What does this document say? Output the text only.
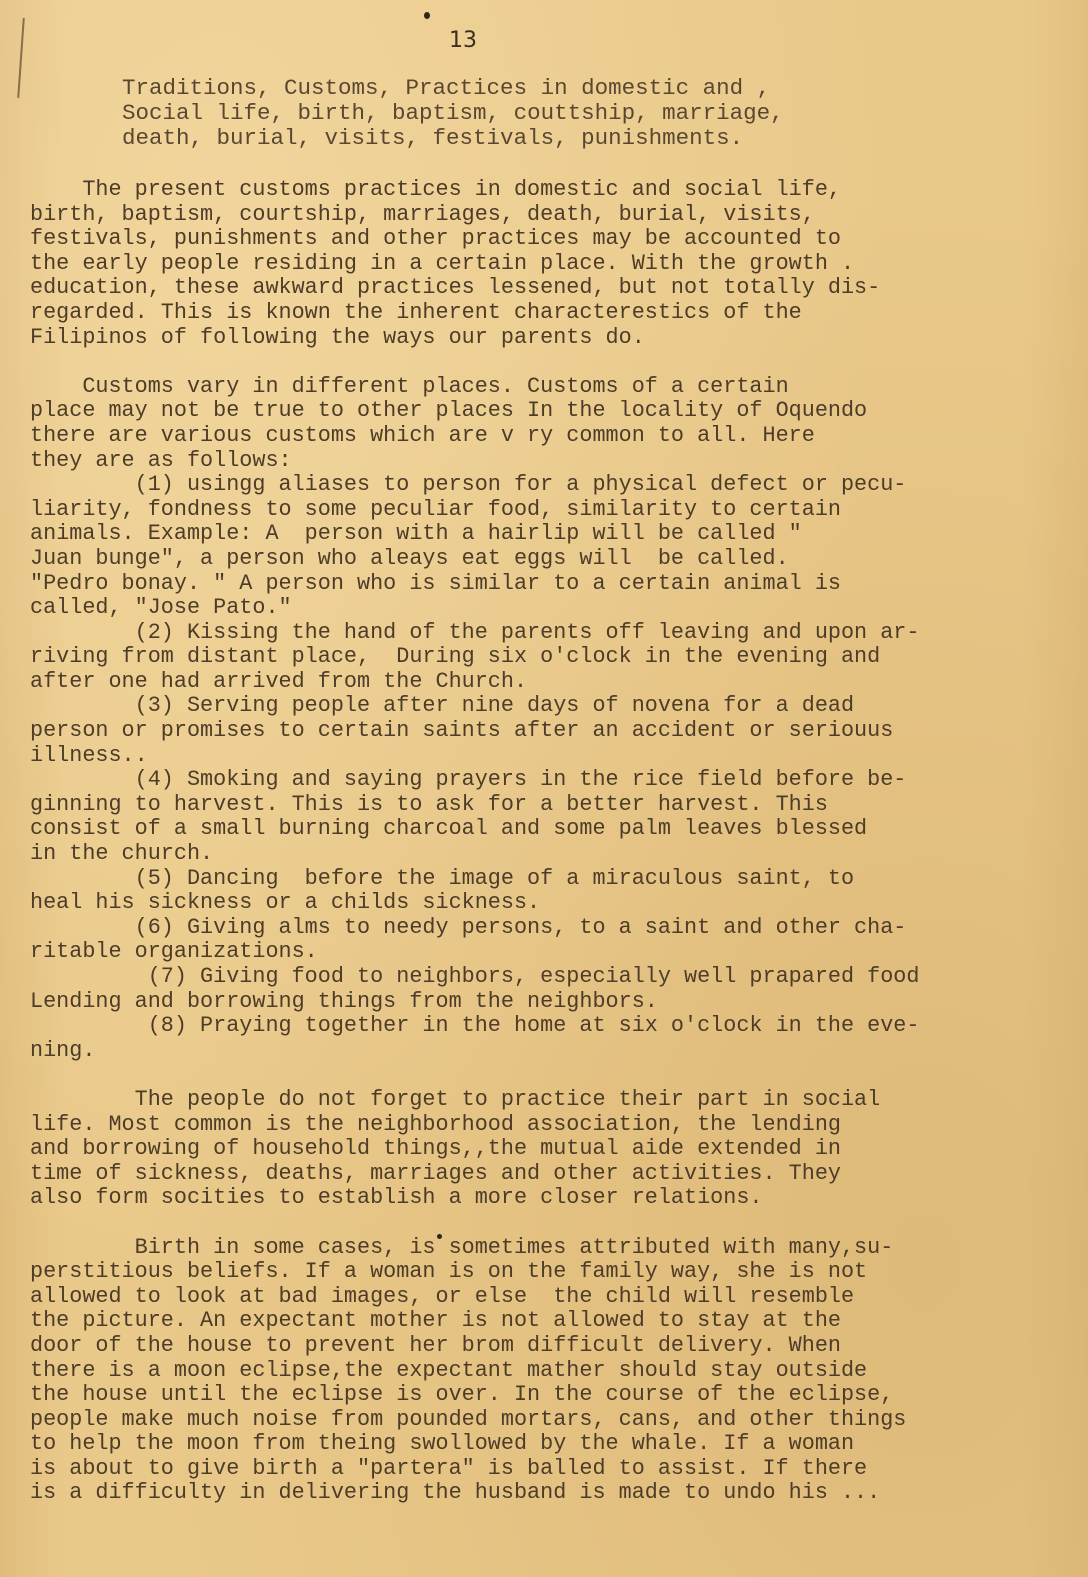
13
Traditions, Customs, Practices in domestic and ,
Social life, birth, baptism, couttship, marriage,
death, burial, visits, festivals, punishments.

The present customs practices in domestic and social life,
birth, baptism, courtship, marriages, death, burial, visits,
festivals, punishments and other practices may be accounted to
the early people residing in a certain place. With the growth .
education, these awkward practices lessened, but not totally dis-
regarded. This is known the inherent characterestics of the
Filipinos of following the ways our parents do.

Customs vary in different places. Customs of a certain
place may not be true to other places In the locality of Oquendo
there are various customs which are v ry common to all. Here
they are as follows:

(1) usingg aliases to person for a physical defect or pecu-
liarity, fondness to some peculiar food, similarity to certain
animals. Example: A  person with a hairlip will be called "
Juan bunge", a person who aleays eat eggs will  be called.
"Pedro bonay. " A person who is similar to a certain animal is
called, "Jose Pato."
(2) Kissing the hand of the parents off leaving and upon ar-
riving from distant place,  During six o'clock in the evening and
after one had arrived from the Church.
(3) Serving people after nine days of novena for a dead
person or promises to certain saints after an accident or seriouus
illness..
(4) Smoking and saying prayers in the rice field before be-
ginning to harvest. This is to ask for a better harvest. This
consist of a small burning charcoal and some palm leaves blessed
in the church.
(5) Dancing  before the image of a miraculous saint, to
heal his sickness or a childs sickness.
(6) Giving alms to needy persons, to a saint and other cha-
ritable organizations.
(7) Giving food to neighbors, especially well prapared food
Lending and borrowing things from the neighbors.
(8) Praying together in the home at six o'clock in the eve-
ning.

The people do not forget to practice their part in social
life. Most common is the neighborhood association, the lending
and borrowing of household things,,the mutual aide extended in
time of sickness, deaths, marriages and other activities. They
also form socities to establish a more closer relations.

Birth in some cases, is sometimes attributed with many,su-
perstitious beliefs. If a woman is on the family way, she is not
allowed to look at bad images, or else  the child will resemble
the picture. An expectant mother is not allowed to stay at the
door of the house to prevent her brom difficult delivery. When
there is a moon eclipse,the expectant mather should stay outside
the house until the eclipse is over. In the course of the eclipse,
people make much noise from pounded mortars, cans, and other things
to help the moon from theing swollowed by the whale. If a woman
is about to give birth a "partera" is balled to assist. If there
is a difficulty in delivering the husband is made to undo his ...
